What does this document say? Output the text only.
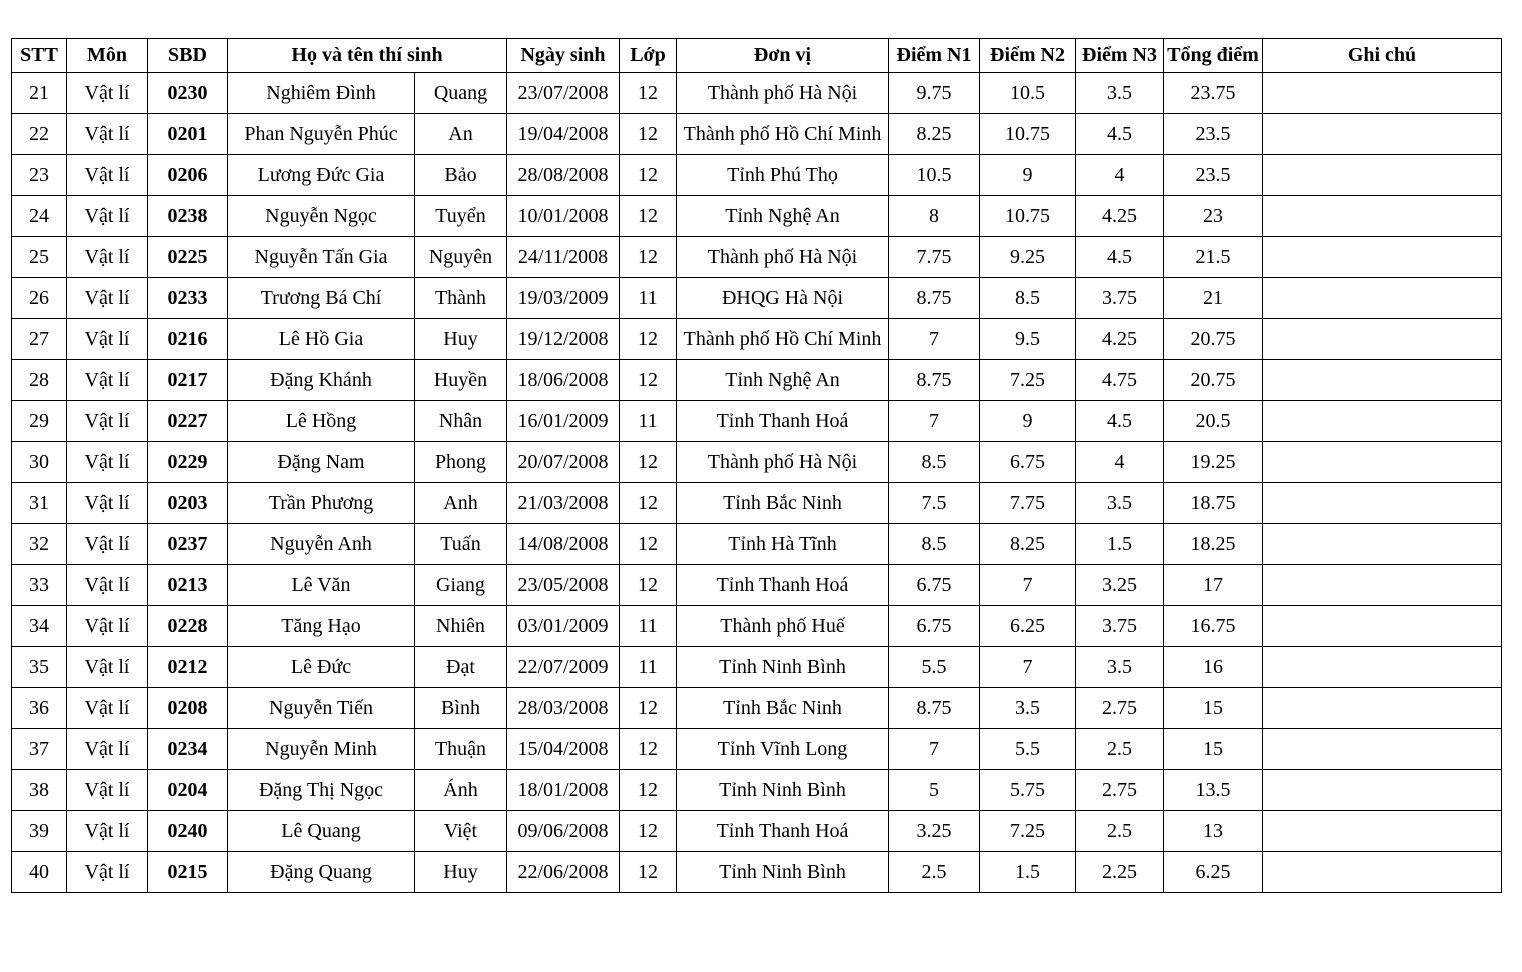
STT	Môn	SBD	Họ và tên thí sinh		Ngày sinh	Lớp	Đơn vị	Điểm N1	Điểm N2	Điểm N3	Tổng điểm	Ghi chú
21	Vật lí	0230	Nghiêm Đình	Quang	23/07/2008	12	Thành phố Hà Nội	9.75	10.5	3.5	23.75	
22	Vật lí	0201	Phan Nguyễn Phúc	An	19/04/2008	12	Thành phố Hồ Chí Minh	8.25	10.75	4.5	23.5	
23	Vật lí	0206	Lương Đức Gia	Bảo	28/08/2008	12	Tỉnh Phú Thọ	10.5	9	4	23.5	
24	Vật lí	0238	Nguyễn Ngọc	Tuyển	10/01/2008	12	Tỉnh Nghệ An	8	10.75	4.25	23	
25	Vật lí	0225	Nguyễn Tấn Gia	Nguyên	24/11/2008	12	Thành phố Hà Nội	7.75	9.25	4.5	21.5	
26	Vật lí	0233	Trương Bá Chí	Thành	19/03/2009	11	ĐHQG Hà Nội	8.75	8.5	3.75	21	
27	Vật lí	0216	Lê Hồ Gia	Huy	19/12/2008	12	Thành phố Hồ Chí Minh	7	9.5	4.25	20.75	
28	Vật lí	0217	Đặng Khánh	Huyền	18/06/2008	12	Tỉnh Nghệ An	8.75	7.25	4.75	20.75	
29	Vật lí	0227	Lê Hồng	Nhân	16/01/2009	11	Tỉnh Thanh Hoá	7	9	4.5	20.5	
30	Vật lí	0229	Đặng Nam	Phong	20/07/2008	12	Thành phố Hà Nội	8.5	6.75	4	19.25	
31	Vật lí	0203	Trần Phương	Anh	21/03/2008	12	Tỉnh Bắc Ninh	7.5	7.75	3.5	18.75	
32	Vật lí	0237	Nguyễn Anh	Tuấn	14/08/2008	12	Tỉnh Hà Tĩnh	8.5	8.25	1.5	18.25	
33	Vật lí	0213	Lê Văn	Giang	23/05/2008	12	Tỉnh Thanh Hoá	6.75	7	3.25	17	
34	Vật lí	0228	Tăng Hạo	Nhiên	03/01/2009	11	Thành phố Huế	6.75	6.25	3.75	16.75	
35	Vật lí	0212	Lê Đức	Đạt	22/07/2009	11	Tỉnh Ninh Bình	5.5	7	3.5	16	
36	Vật lí	0208	Nguyễn Tiến	Bình	28/03/2008	12	Tỉnh Bắc Ninh	8.75	3.5	2.75	15	
37	Vật lí	0234	Nguyễn Minh	Thuận	15/04/2008	12	Tỉnh Vĩnh Long	7	5.5	2.5	15	
38	Vật lí	0204	Đặng Thị Ngọc	Ánh	18/01/2008	12	Tỉnh Ninh Bình	5	5.75	2.75	13.5	
39	Vật lí	0240	Lê Quang	Việt	09/06/2008	12	Tỉnh Thanh Hoá	3.25	7.25	2.5	13	
40	Vật lí	0215	Đặng Quang	Huy	22/06/2008	12	Tỉnh Ninh Bình	2.5	1.5	2.25	6.25	
